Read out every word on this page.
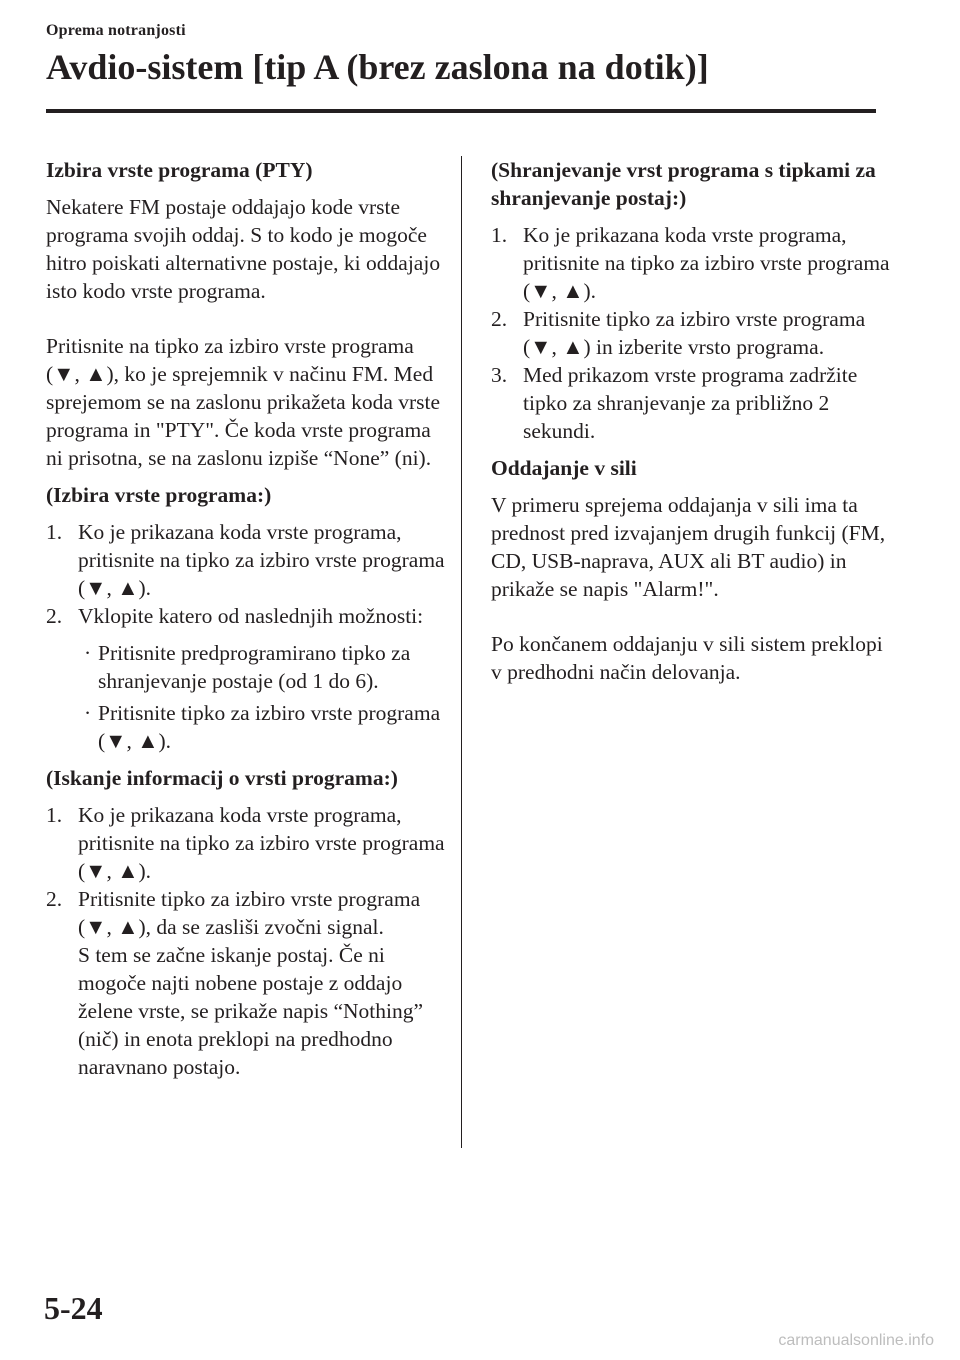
Oprema notranjosti
Avdio-sistem [tip A (brez zaslona na dotik)]
Izbira vrste programa (PTY)
Nekatere FM postaje oddajajo kode vrste programa svojih oddaj. S to kodo je mogoče hitro poiskati alternativne postaje, ki oddajajo isto kodo vrste programa.
Pritisnite na tipko za izbiro vrste programa (▼, ▲), ko je sprejemnik v načinu FM. Med sprejemom se na zaslonu prikažeta koda vrste programa in "PTY". Če koda vrste programa ni prisotna, se na zaslonu izpiše “None” (ni).
(Izbira vrste programa:)
1. Ko je prikazana koda vrste programa, pritisnite na tipko za izbiro vrste programa (▼, ▲).
2. Vklopite katero od naslednjih možnosti:
· Pritisnite predprogramirano tipko za shranjevanje postaje (od 1 do 6).
· Pritisnite tipko za izbiro vrste programa (▼, ▲).
(Iskanje informacij o vrsti programa:)
1. Ko je prikazana koda vrste programa, pritisnite na tipko za izbiro vrste programa (▼, ▲).
2. Pritisnite tipko za izbiro vrste programa (▼, ▲), da se zasliši zvočni signal.
S tem se začne iskanje postaj. Če ni mogoče najti nobene postaje z oddajo želene vrste, se prikaže napis “Nothing” (nič) in enota preklopi na predhodno naravnano postajo.
(Shranjevanje vrst programa s tipkami za shranjevanje postaj:)
1. Ko je prikazana koda vrste programa, pritisnite na tipko za izbiro vrste programa (▼, ▲).
2. Pritisnite tipko za izbiro vrste programa (▼, ▲) in izberite vrsto programa.
3. Med prikazom vrste programa zadržite tipko za shranjevanje za približno 2 sekundi.
Oddajanje v sili
V primeru sprejema oddajanja v sili ima ta prednost pred izvajanjem drugih funkcij (FM, CD, USB-naprava, AUX ali BT audio) in prikaže se napis "Alarm!".
Po končanem oddajanju v sili sistem preklopi v predhodni način delovanja.
5-24
carmanualsonline.info
